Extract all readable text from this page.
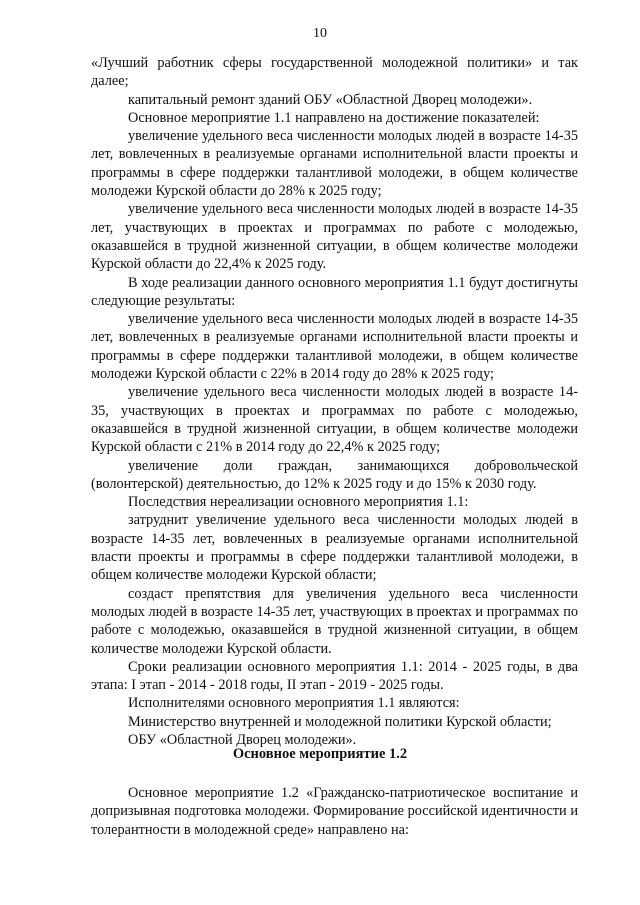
10

«Лучший работник сферы государственной молодежной политики» и так далее;

капитальный ремонт зданий ОБУ «Областной Дворец молодежи».

Основное мероприятие 1.1 направлено на достижение показателей:

увеличение удельного веса численности молодых людей в возрасте 14-35 лет, вовлеченных в реализуемые органами исполнительной власти проекты и программы в сфере поддержки талантливой молодежи, в общем количестве молодежи Курской области до 28% к 2025 году;

увеличение удельного веса численности молодых людей в возрасте 14-35 лет, участвующих в проектах и программах по работе с молодежью, оказавшейся в трудной жизненной ситуации, в общем количестве молодежи Курской области до 22,4% к 2025 году.

В ходе реализации данного основного мероприятия 1.1 будут достигнуты следующие результаты:

увеличение удельного веса численности молодых людей в возрасте 14-35 лет, вовлеченных в реализуемые органами исполнительной власти проекты и программы в сфере поддержки талантливой молодежи, в общем количестве молодежи Курской области с 22% в 2014 году до 28% к 2025 году;

увеличение удельного веса численности молодых людей в возрасте 14-35, участвующих в проектах и программах по работе с молодежью, оказавшейся в трудной жизненной ситуации, в общем количестве молодежи Курской области с 21% в 2014 году до 22,4% к 2025 году;

увеличение доли граждан, занимающихся добровольческой (волонтерской) деятельностью, до 12% к 2025 году и до 15% к 2030 году.

Последствия нереализации основного мероприятия 1.1:

затруднит увеличение удельного веса численности молодых людей в возрасте 14-35 лет, вовлеченных в реализуемые органами исполнительной власти проекты и программы в сфере поддержки талантливой молодежи, в общем количестве молодежи Курской области;

создаст препятствия для увеличения удельного веса численности молодых людей в возрасте 14-35 лет, участвующих в проектах и программах по работе с молодежью, оказавшейся в трудной жизненной ситуации, в общем количестве молодежи Курской области.

Сроки реализации основного мероприятия 1.1: 2014 - 2025 годы, в два этапа: I этап - 2014 - 2018 годы, II этап - 2019 - 2025 годы.

Исполнителями основного мероприятия 1.1 являются:

Министерство внутренней и молодежной политики Курской области;

ОБУ «Областной Дворец молодежи».

Основное мероприятие 1.2

Основное мероприятие 1.2 «Гражданско-патриотическое воспитание и допризывная подготовка молодежи. Формирование российской идентичности и толерантности в молодежной среде» направлено на:
